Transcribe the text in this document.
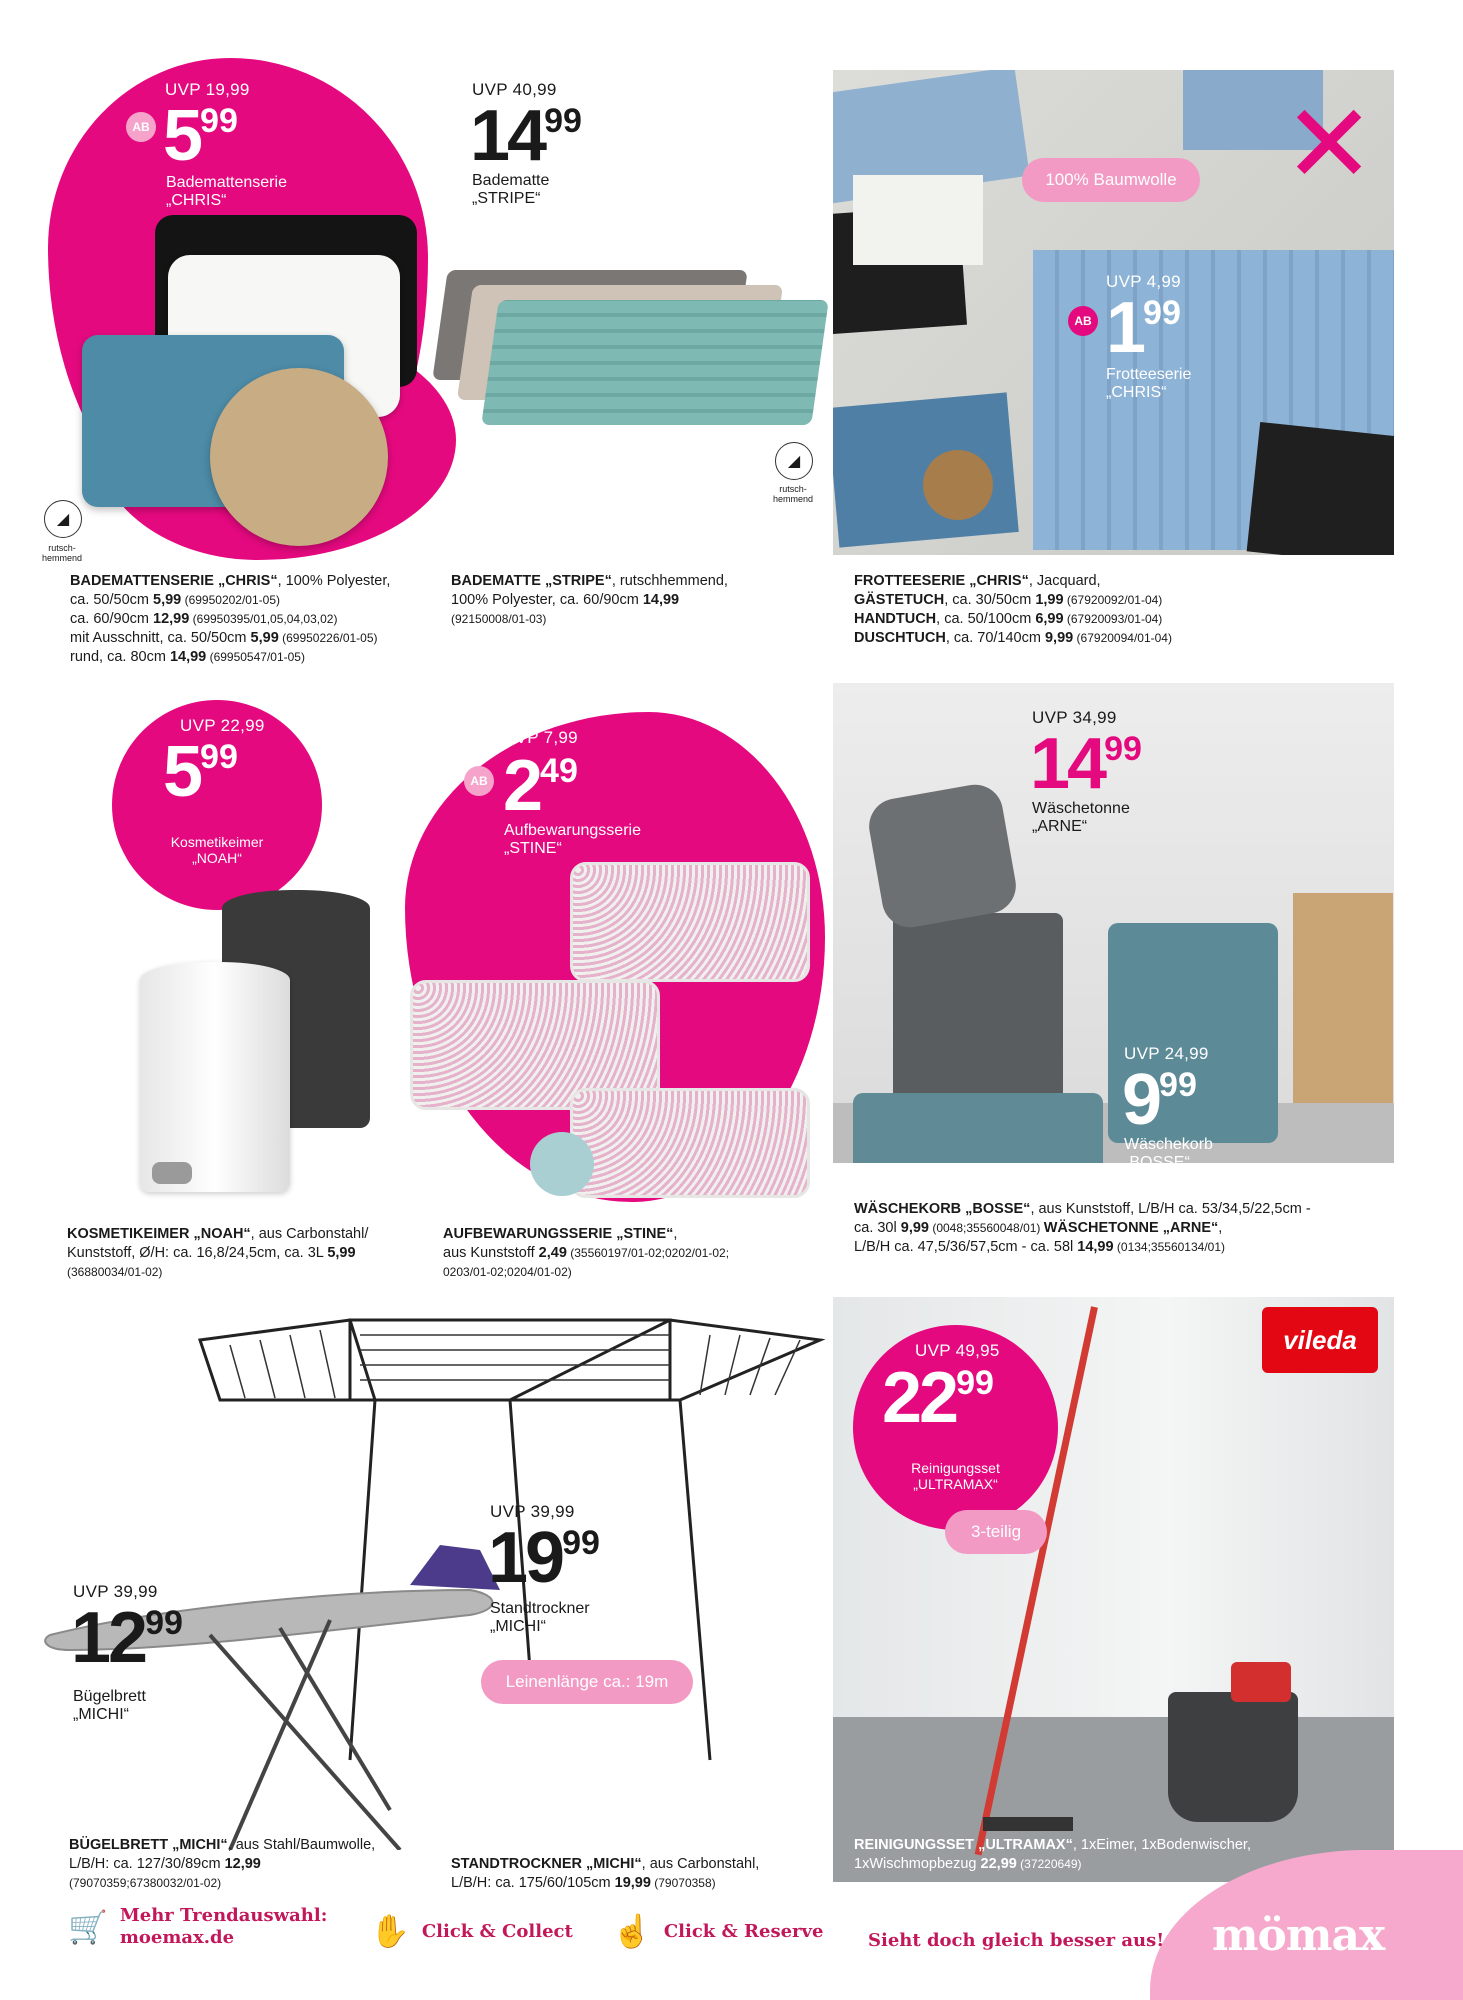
UVP 19,99
AB 599
Bademattenserie
„CHRIS“
◢
rutsch-
hemmend
BADEMATTENSERIE „CHRIS“, 100% Polyester,
ca. 50/50cm 5,99 (69950202/01-05)
ca. 60/90cm 12,99 (69950395/01,05,04,03,02)
mit Ausschnitt, ca. 50/50cm 5,99 (69950226/01-05)
rund, ca. 80cm 14,99 (69950547/01-05)
UVP 40,99
1499
Badematte
„STRIPE“
◢
rutsch-
hemmend
BADEMATTE „STRIPE“, rutschhemmend,
100% Polyester, ca. 60/90cm 14,99
(92150008/01-03)
100% Baumwolle ✕
UVP 4,99
AB 199
Frotteeserie
„CHRIS“
FROTTEESERIE „CHRIS“, Jacquard,
GÄSTETUCH, ca. 30/50cm 1,99 (67920092/01-04)
HANDTUCH, ca. 50/100cm 6,99 (67920093/01-04)
DUSCHTUCH, ca. 70/140cm 9,99 (67920094/01-04)
UVP 22,99
599
Kosmetikeimer
„NOAH“
KOSMETIKEIMER „NOAH“, aus Carbonstahl/
Kunststoff, Ø/H: ca. 16,8/24,5cm, ca. 3L 5,99
(36880034/01-02)
UVP 7,99
AB 249
Aufbewarungsserie
„STINE“
AUFBEWARUNGSSERIE „STINE“,
aus Kunststoff 2,49 (35560197/01-02;0202/01-02;
0203/01-02;0204/01-02)
UVP 34,99
1499
Wäschetonne
„ARNE“
UVP 24,99
999
Wäschekorb
„BOSSE“
WÄSCHEKORB „BOSSE“, aus Kunststoff, L/B/H ca. 53/34,5/22,5cm -
ca. 30l 9,99 (0048;35560048/01) WÄSCHETONNE „ARNE“,
L/B/H ca. 47,5/36/57,5cm - ca. 58l 14,99 (0134;35560134/01)
UVP 39,99
1999
Standtrockner
„MICHI“
Leinenlänge ca.: 19m
UVP 39,99
1299
Bügelbrett
„MICHI“
BÜGELBRETT „MICHI“, aus Stahl/Baumwolle,
L/B/H: ca. 127/30/89cm 12,99
(79070359;67380032/01-02)
STANDTROCKNER „MICHI“, aus Carbonstahl,
L/B/H: ca. 175/60/105cm 19,99 (79070358)
vileda
UVP 49,95
2299
Reinigungsset
„ULTRAMAX“
3-teilig
REINIGUNGSSET „ULTRAMAX“, 1xEimer, 1xBodenwischer,
1xWischmopbezug 22,99 (37220649)
🛒 Mehr Trendauswahl:
moemax.de	✋ Click & Collect ☝ Click & Reserve Sieht doch gleich besser aus! mömax
